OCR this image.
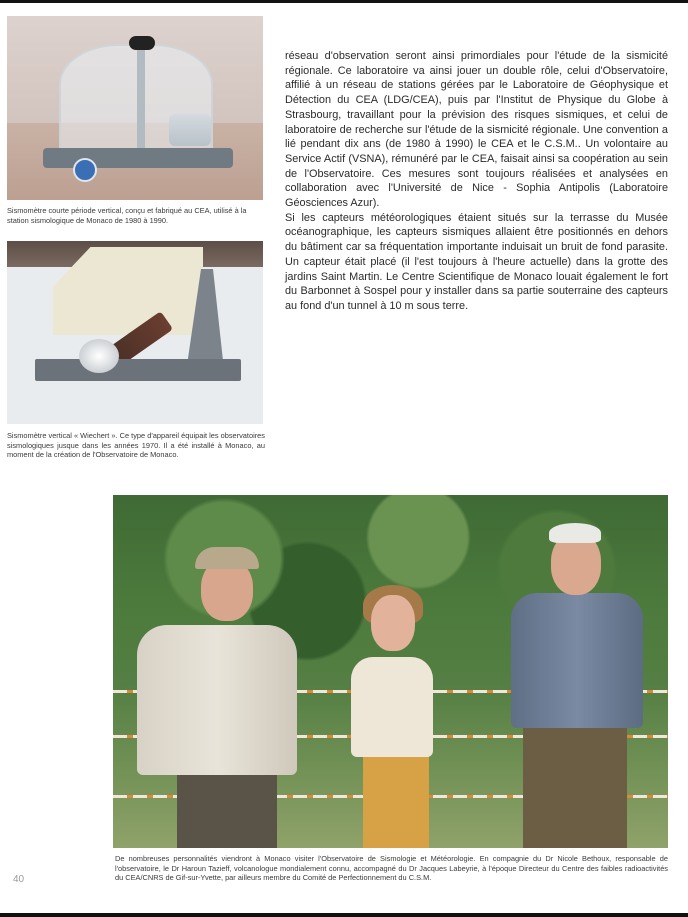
Sismomètre courte période vertical, conçu et fabriqué au CEA, utilisé à la station sismologique de Monaco de 1980 à 1990.
Sismomètre vertical « Wiechert ». Ce type d'appareil équipait les observatoires sismologiques jusque dans les années 1970. Il a été installé à Monaco, au moment de la création de l'Observatoire de Monaco.

réseau d'observation seront ainsi primordiales pour l'étude de la sismicité régionale. Ce laboratoire va ainsi jouer un double rôle, celui d'Observatoire, affilié à un réseau de stations gérées par le Laboratoire de Géophysique et Détection du CEA (LDG/CEA), puis par l'Institut de Physique du Globe à Strasbourg, travaillant pour la prévision des risques sismiques, et celui de laboratoire de recherche sur l'étude de la sismicité régionale. Une convention a lié pendant dix ans (de 1980 à 1990) le CEA et le C.S.M.. Un volontaire au Service Actif (VSNA), rémunéré par le CEA, faisait ainsi sa coopération au sein de l'Observatoire. Ces mesures sont toujours réalisées et analysées en collaboration avec l'Université de Nice - Sophia Antipolis (Laboratoire Géosciences Azur).

Si les capteurs météorologiques étaient situés sur la terrasse du Musée océanographique, les capteurs sismiques allaient être positionnés en dehors du bâtiment car sa fréquentation importante induisait un bruit de fond parasite. Un capteur était placé (il l'est toujours à l'heure actuelle) dans la grotte des jardins Saint Martin. Le Centre Scientifique de Monaco louait également le fort du Barbonnet à Sospel pour y installer dans sa partie souterraine des capteurs au fond d'un tunnel à 10 m sous terre.

De nombreuses personnalités viendront à Monaco visiter l'Observatoire de Sismologie et Météorologie. En compagnie du Dr Nicole Bethoux, responsable de l'observatoire, le Dr Haroun Tazieff, volcanologue mondialement connu, accompagné du Dr Jacques Labeyrie, à l'époque Directeur du Centre des faibles radioactivités du CEA/CNRS de Gif-sur-Yvette, par ailleurs membre du Comité de Perfectionnement du C.S.M.
40
